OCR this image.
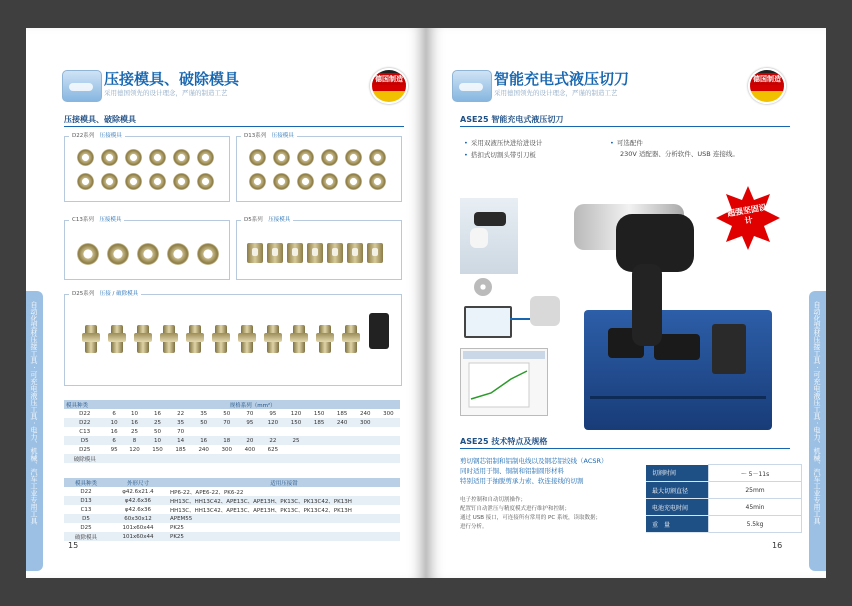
压接模具、破除模具
采用德国领先的设计理念，严谨的制造工艺
德国制造
压接模具、破除模具
D22系列　 压接模具	D13系列　 压接模具
C13系列　 压接模具	D5系列　 压接模具
D25系列　 压接 / 破除模具
模具种类	规格系列（mm²）												
D22	6	10	16	22	35	50	70	95	120	150	185	240	300
D22	10	16	25	35	50	70	95	120	150	185	240	300	
C13	16	25	50	70									
D5	6	8	10	14	16	18	20	22	25				
D25	95	120	150	185	240	300	400	625					
破除模具													
模具种类	外形尺寸	适用压接钳
D22	φ42.6x21.4	HP6-22、APE6-22、PK6-22
D13	φ42.6x36	HH13C、HH13C42、APE13C、APE13H、PK13C、PK13C42、PK13H
C13	φ42.6x36	HH13C、HH13C42、APE13C、APE13H、PK13C、PK13C42、PK13H
D5	60x30x12	APEM55
D25	101x60x44	PK25
破除模具	101x60x44	PK25
自动化型材压接工具 · 可充电液压工具 · 电力、机械、汽车工业专用工具
15
智能充电式液压切刀
采用德国领先的设计理念，严谨的制造工艺
德国制造
ASE25 智能充电式液压切刀
• 采用双液压快进给进设计
• 搭扣式切割头带引刀板
• 可选配件
230V 适配器、分析软件、USB 连接线。
超强坚固设计
ASE25 技术特点及规格
剪切钢芯铝制和铝制电线以及钢芯铝绞线（ACSR）
同时适用于铜、铜制和铝制圆形材料
特别适用于抽脱剪承力索、软连接线的切割
电子控制和自动切割操作；
配置钉自动泄压与精度模式进行维护和控制；
通过 USB 接口，可连接所有常用的 PC 系统，读取数据；
进行分析。
切割时间	～ 5－11s
最大切割直径	25mm
电池充电时间	45min
重　量	5.5kg	自动化型材压接工具 · 可充电液压工具 · 电力、机械、汽车工业专用工具
16
